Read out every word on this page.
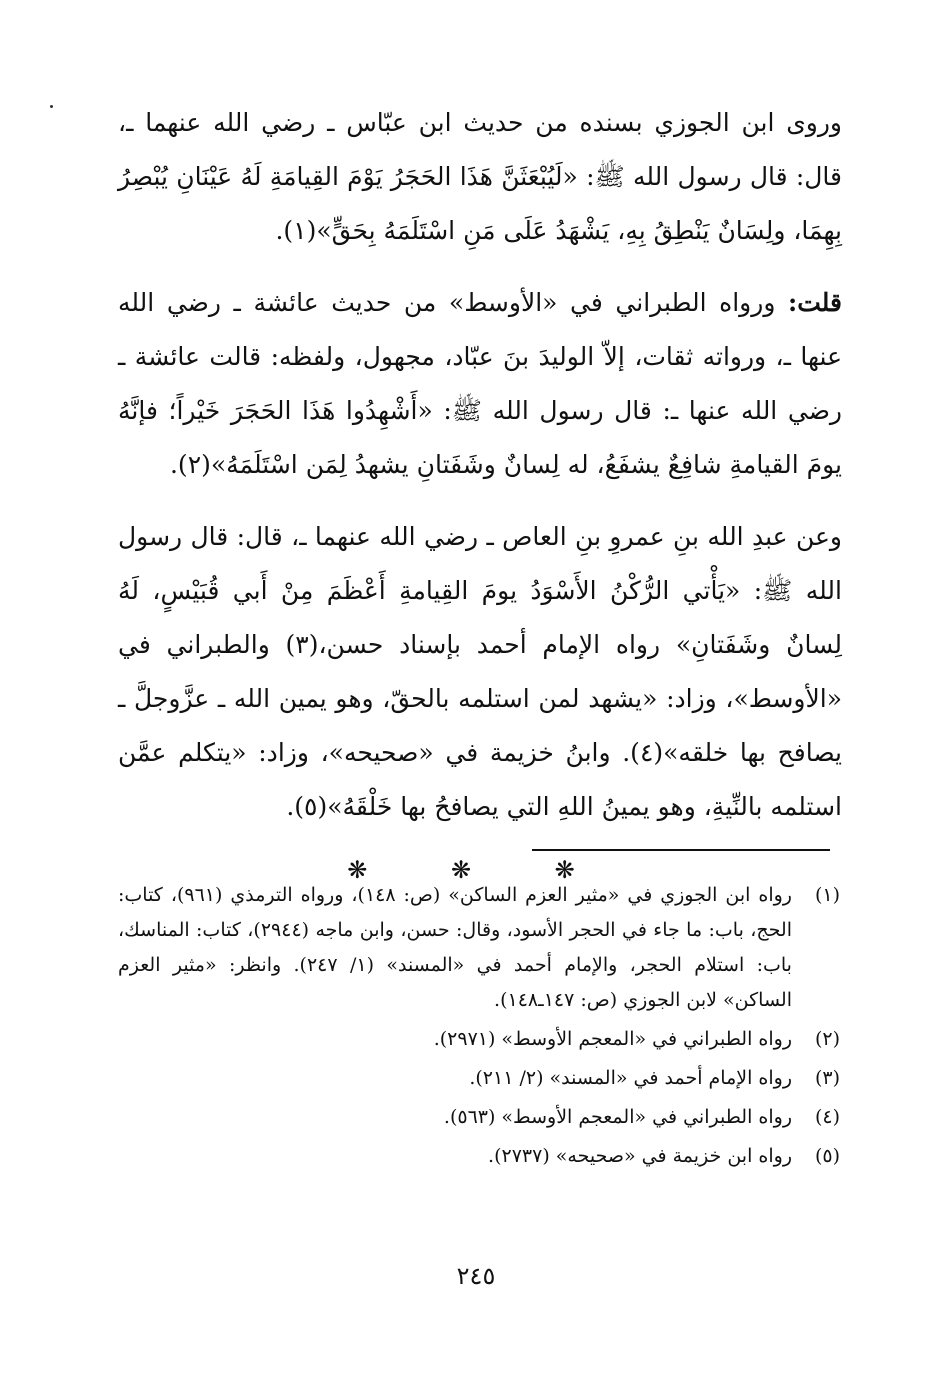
وروى ابن الجوزي بسنده من حديث ابن عبّاس ـ رضي الله عنهما ـ، قال: قال رسول الله ﷺ: «لَيُبْعَثَنَّ هَذَا الحَجَرُ يَوْمَ القِيامَةِ لَهُ عَيْنَانِ يُبْصِرُ بِهِمَا، ولِسَانٌ يَنْطِقُ بِهِ، يَشْهَدُ عَلَى مَنِ اسْتَلَمَهُ بِحَقٍّ»(١).

قلت: ورواه الطبراني في «الأوسط» من حديث عائشة ـ رضي الله عنها ـ، ورواته ثقات، إلاّ الوليدَ بنَ عبّاد، مجهول، ولفظه: قالت عائشة ـ رضي الله عنها ـ: قال رسول الله ﷺ: «أَشْهِدُوا هَذَا الحَجَرَ خَيْراً؛ فإنَّهُ يومَ القيامةِ شافِعٌ يشفَعُ، له لِسانٌ وشَفَتانِ يشهدُ لِمَن اسْتَلَمَهُ»(٢).

وعن عبدِ الله بنِ عمروِ بنِ العاص ـ رضي الله عنهما ـ، قال: قال رسول الله ﷺ: «يَأْتي الرُّكْنُ الأَسْوَدُ يومَ القِيامةِ أَعْظَمَ مِنْ أَبي قُبَيْسٍ، لَهُ لِسانٌ وشَفَتانِ» رواه الإمام أحمد بإسناد حسن،(٣) والطبراني في «الأوسط»، وزاد: «يشهد لمن استلمه بالحقّ، وهو يمين الله ـ عزَّوجلَّ ـ يصافح بها خلقه»(٤). وابنُ خزيمة في «صحيحه»، وزاد: «يتكلم عمَّن استلمه بالنِّيةِ، وهو يمينُ اللهِ التي يصافحُ بها خَلْقَهُ»(٥).

❋ ❋ ❋
(١)
رواه ابن الجوزي في «مثير العزم الساكن» (ص: ١٤٨)، ورواه الترمذي (٩٦١)، كتاب: الحج، باب: ما جاء في الحجر الأسود، وقال: حسن، وابن ماجه (٢٩٤٤)، كتاب: المناسك، باب: استلام الحجر، والإمام أحمد في «المسند» (١/ ٢٤٧). وانظر: «مثير العزم الساكن» لابن الجوزي (ص: ١٤٧ـ١٤٨).
(٢)
رواه الطبراني في «المعجم الأوسط» (٢٩٧١).
(٣)
رواه الإمام أحمد في «المسند» (٢/ ٢١١).
(٤)
رواه الطبراني في «المعجم الأوسط» (٥٦٣).
(٥)
رواه ابن خزيمة في «صحيحه» (٢٧٣٧).
٢٤٥
